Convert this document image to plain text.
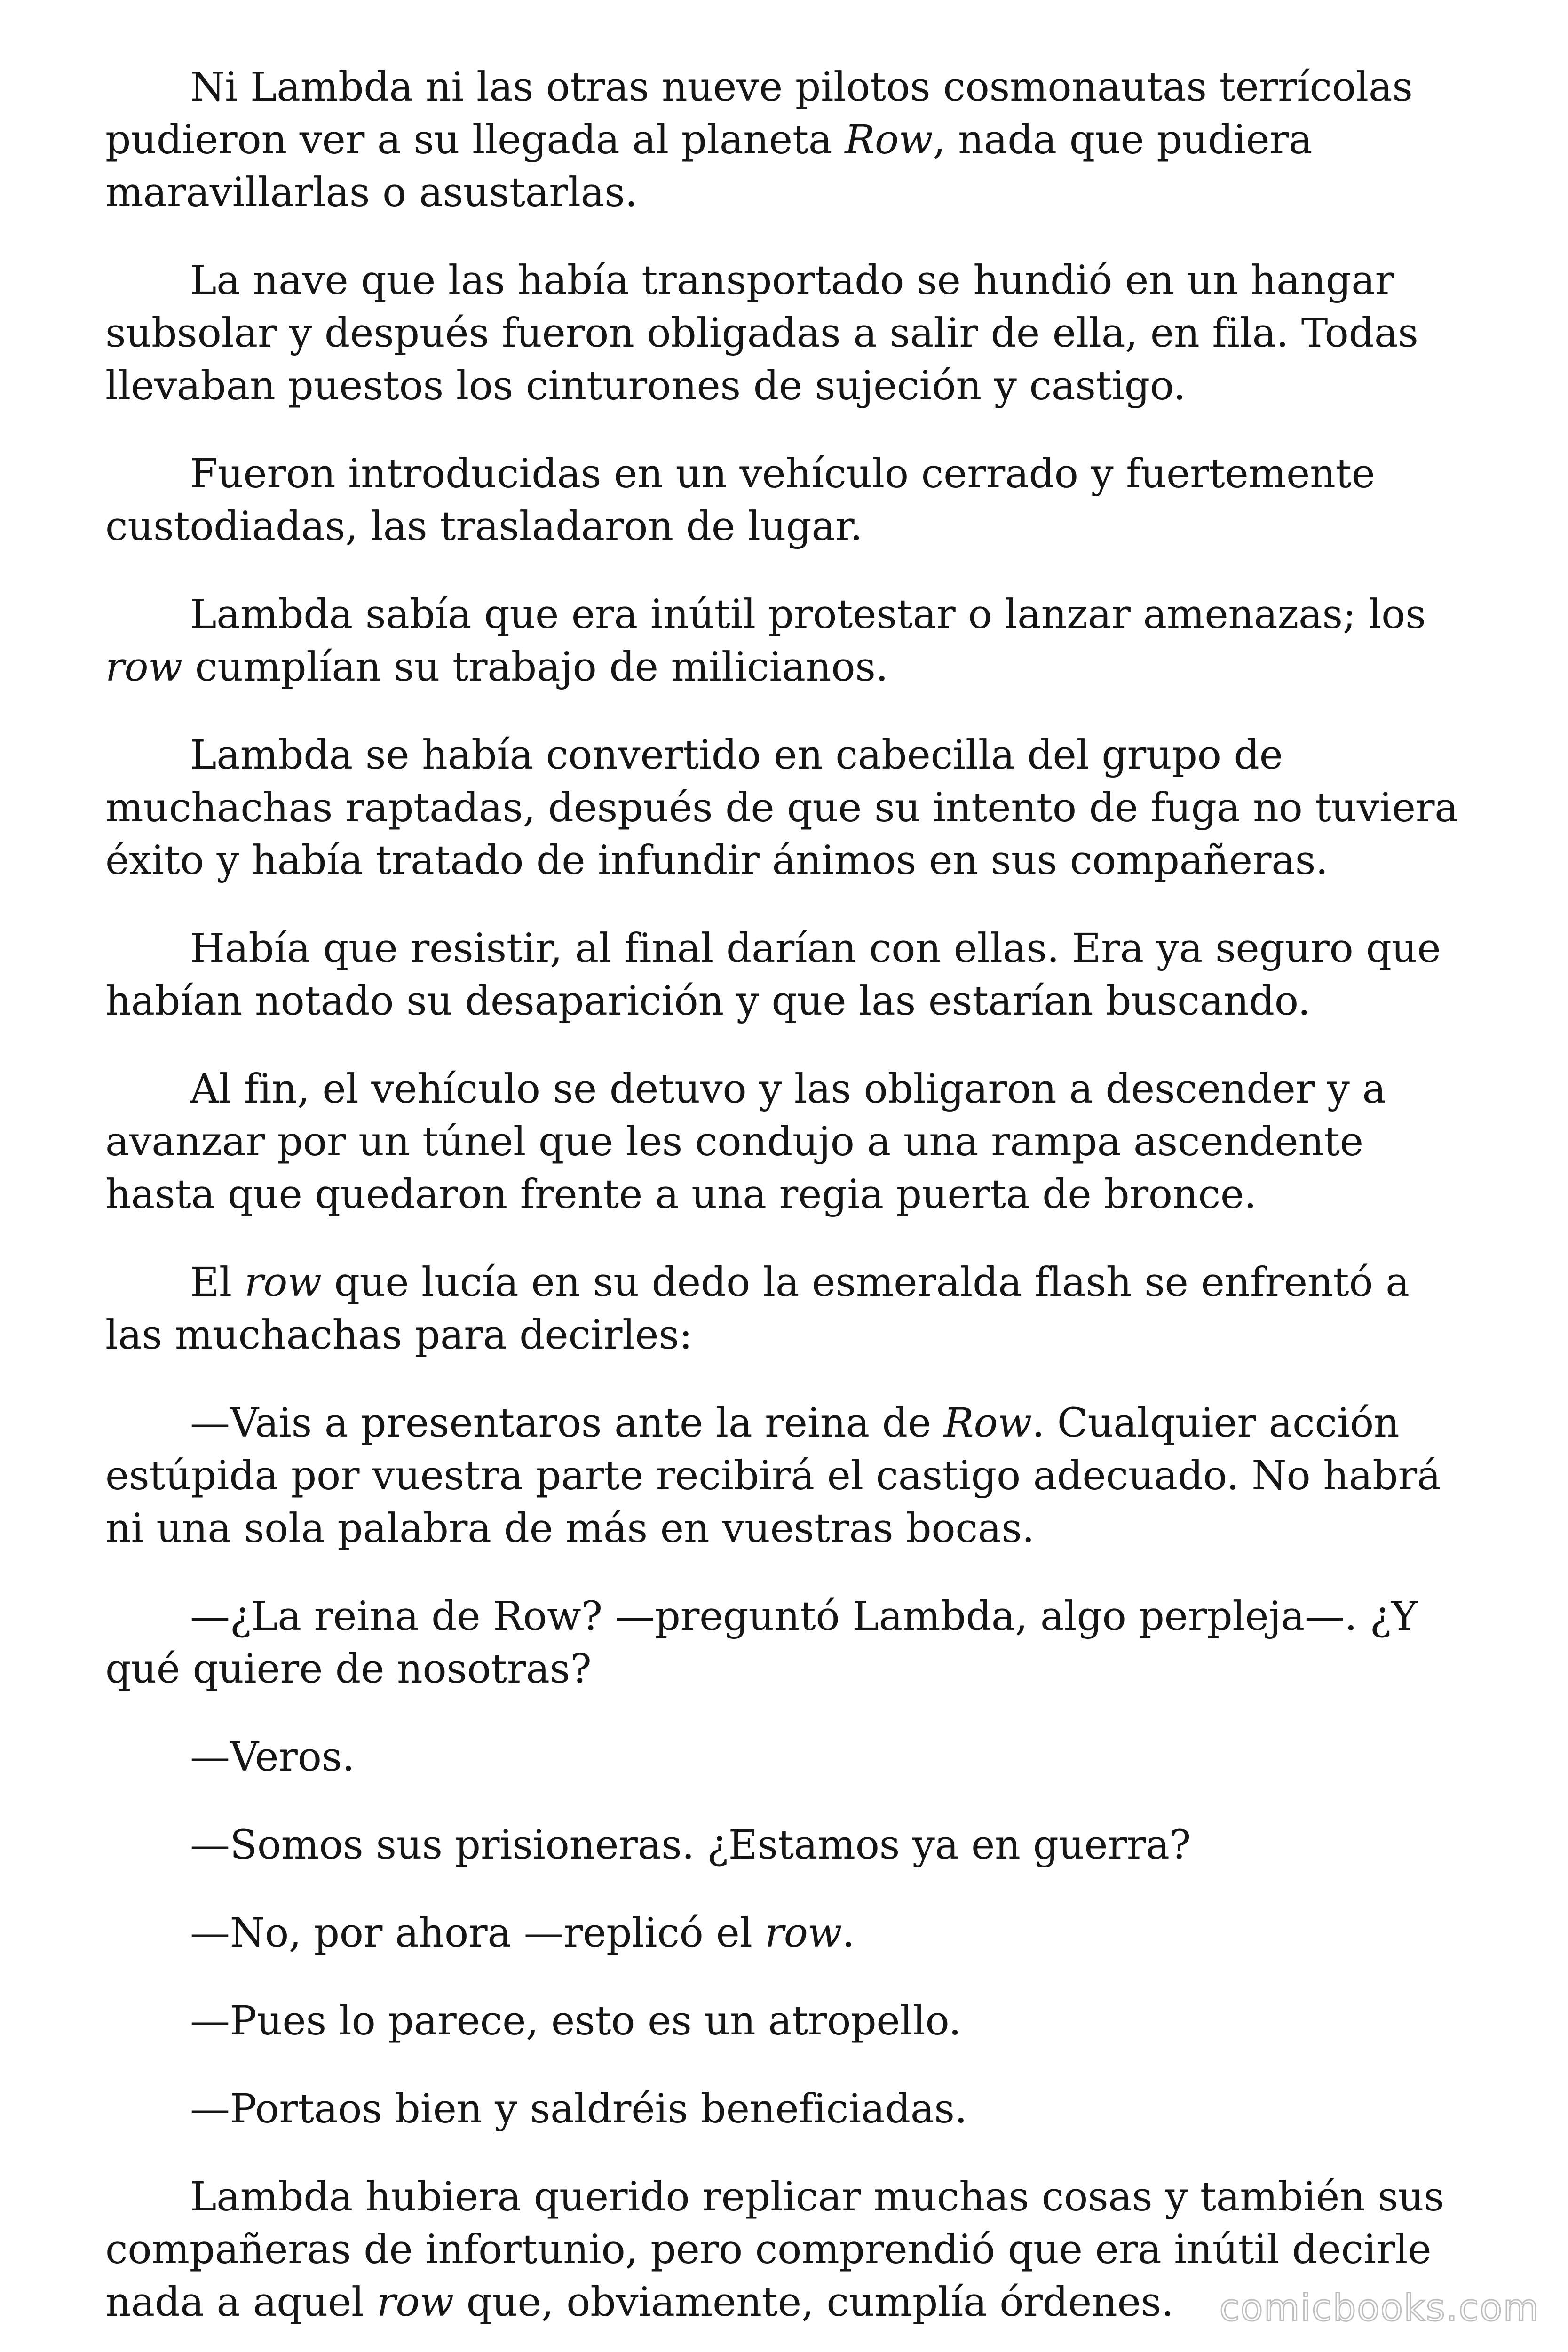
Ni Lambda ni las otras nueve pilotos cosmonautas terrícolas pudieron ver a su llegada al planeta Row, nada que pudiera maravillarlas o asustarlas.

La nave que las había transportado se hundió en un hangar subsolar y después fueron obligadas a salir de ella, en fila. Todas llevaban puestos los cinturones de sujeción y castigo.

Fueron introducidas en un vehículo cerrado y fuertemente custodiadas, las trasladaron de lugar.

Lambda sabía que era inútil protestar o lanzar amenazas; los row cumplían su trabajo de milicianos.

Lambda se había convertido en cabecilla del grupo de muchachas raptadas, después de que su intento de fuga no tuviera éxito y había tratado de infundir ánimos en sus compañeras.

Había que resistir, al final darían con ellas. Era ya seguro que habían notado su desaparición y que las estarían buscando.

Al fin, el vehículo se detuvo y las obligaron a descender y a avanzar por un túnel que les condujo a una rampa ascendente hasta que quedaron frente a una regia puerta de bronce.

El row que lucía en su dedo la esmeralda flash se enfrentó a las muchachas para decirles:

—Vais a presentaros ante la reina de Row. Cualquier acción estúpida por vuestra parte recibirá el castigo adecuado. No habrá ni una sola palabra de más en vuestras bocas.

—¿La reina de Row? —preguntó Lambda, algo perpleja—. ¿Y qué quiere de nosotras?

—Veros.

—Somos sus prisioneras. ¿Estamos ya en guerra?

—No, por ahora —replicó el row.

—Pues lo parece, esto es un atropello.

—Portaos bien y saldréis beneficiadas.

Lambda hubiera querido replicar muchas cosas y también sus compañeras de infortunio, pero comprendió que era inútil decirle nada a aquel row que, obviamente, cumplía órdenes.	comicbooks.com
